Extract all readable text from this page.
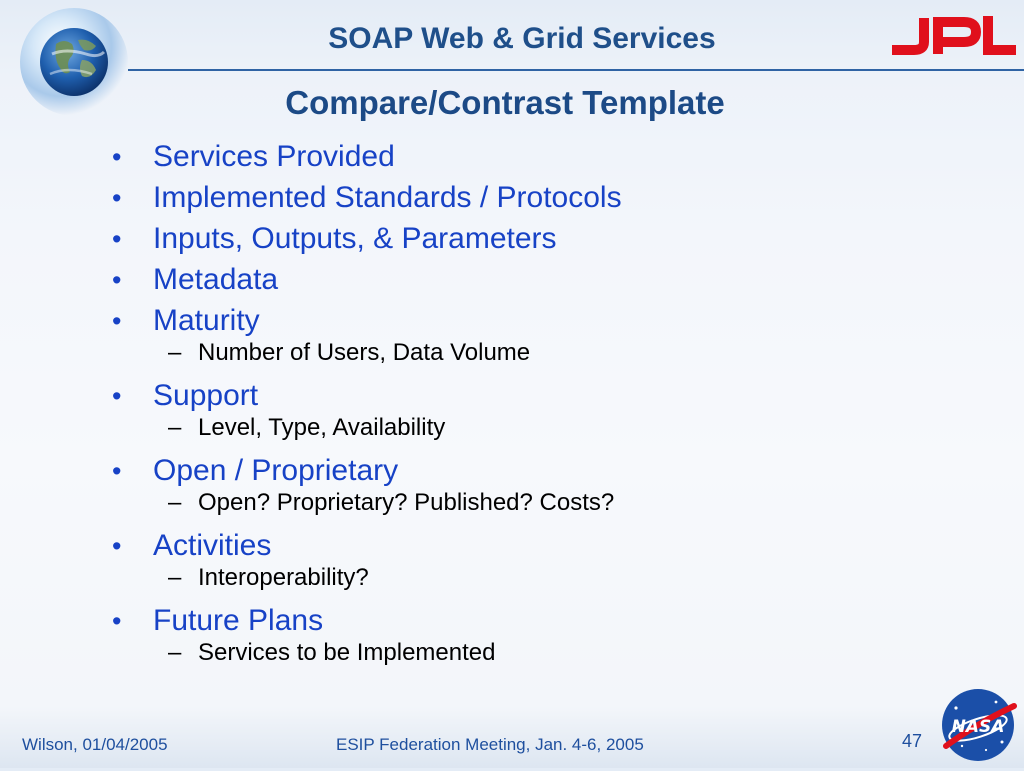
SOAP Web & Grid Services
Compare/Contrast Template
• Services Provided
• Implemented Standards / Protocols
• Inputs, Outputs, & Parameters
• Metadata
• Maturity
– Number of Users, Data Volume
• Support
– Level, Type, Availability
• Open / Proprietary
– Open? Proprietary? Published? Costs?
• Activities
– Interoperability?
• Future Plans
– Services to be Implemented
Wilson, 01/04/2005	ESIP Federation Meeting, Jan. 4-6, 2005	47
NASA
